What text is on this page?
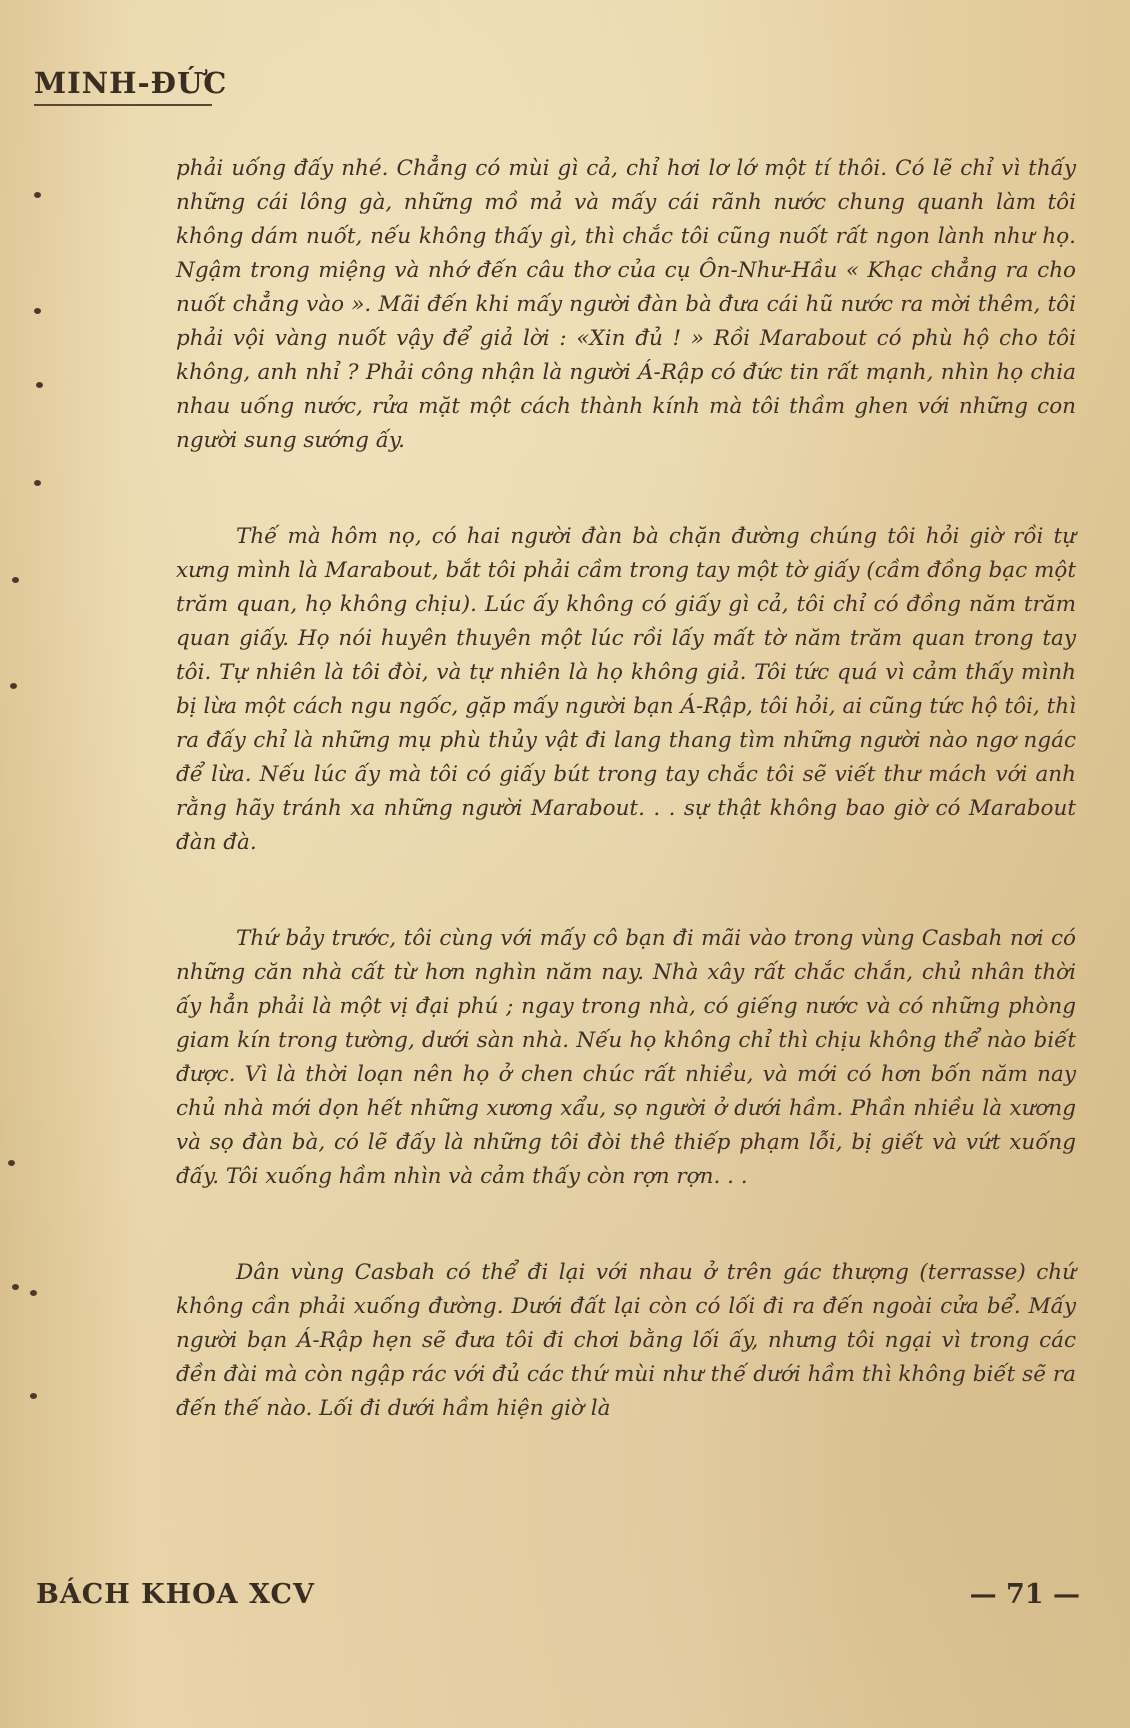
MINH-ĐỨC

phải uống đấy nhé. Chẳng có mùi gì cả, chỉ hơi lơ lớ một tí thôi. Có lẽ chỉ vì thấy những cái lông gà, những mồ mả và mấy cái rãnh nước chung quanh làm tôi không dám nuốt, nếu không thấy gì, thì chắc tôi cũng nuốt rất ngon lành như họ. Ngậm trong miệng và nhớ đến câu thơ của cụ Ôn-Như-Hầu « Khạc chẳng ra cho nuốt chẳng vào ». Mãi đến khi mấy người đàn bà đưa cái hũ nước ra mời thêm, tôi phải vội vàng nuốt vậy để giả lời : «Xin đủ ! » Rồi Marabout có phù hộ cho tôi không, anh nhỉ ? Phải công nhận là người Á-Rập có đức tin rất mạnh, nhìn họ chia nhau uống nước, rửa mặt một cách thành kính mà tôi thầm ghen với những con người sung sướng ấy.

Thế mà hôm nọ, có hai người đàn bà chặn đường chúng tôi hỏi giờ rồi tự xưng mình là Marabout, bắt tôi phải cầm trong tay một tờ giấy (cầm đồng bạc một trăm quan, họ không chịu). Lúc ấy không có giấy gì cả, tôi chỉ có đồng năm trăm quan giấy. Họ nói huyên thuyên một lúc rồi lấy mất tờ năm trăm quan trong tay tôi. Tự nhiên là tôi đòi, và tự nhiên là họ không giả. Tôi tức quá vì cảm thấy mình bị lừa một cách ngu ngốc, gặp mấy người bạn Á-Rập, tôi hỏi, ai cũng tức hộ tôi, thì ra đấy chỉ là những mụ phù thủy vật đi lang thang tìm những người nào ngơ ngác để lừa. Nếu lúc ấy mà tôi có giấy bút trong tay chắc tôi sẽ viết thư mách với anh rằng hãy tránh xa những người Marabout. . . sự thật không bao giờ có Marabout đàn đà.

Thứ bảy trước, tôi cùng với mấy cô bạn đi mãi vào trong vùng Casbah nơi có những căn nhà cất từ hơn nghìn năm nay. Nhà xây rất chắc chắn, chủ nhân thời ấy hẳn phải là một vị đại phú ; ngay trong nhà, có giếng nước và có những phòng giam kín trong tường, dưới sàn nhà. Nếu họ không chỉ thì chịu không thể nào biết được. Vì là thời loạn nên họ ở chen chúc rất nhiều, và mới có hơn bốn năm nay chủ nhà mới dọn hết những xương xẩu, sọ người ở dưới hầm. Phần nhiều là xương và sọ đàn bà, có lẽ đấy là những tôi đòi thê thiếp phạm lỗi, bị giết và vứt xuống đấy. Tôi xuống hầm nhìn và cảm thấy còn rợn rợn. . .

Dân vùng Casbah có thể đi lại với nhau ở trên gác thượng (terrasse) chứ không cần phải xuống đường. Dưới đất lại còn có lối đi ra đến ngoài cửa bể. Mấy người bạn Á-Rập hẹn sẽ đưa tôi đi chơi bằng lối ấy, nhưng tôi ngại vì trong các đền đài mà còn ngập rác với đủ các thứ mùi như thế dưới hầm thì không biết sẽ ra đến thế nào. Lối đi dưới hầm hiện giờ là

BÁCH KHOA XCV	— 71 —
